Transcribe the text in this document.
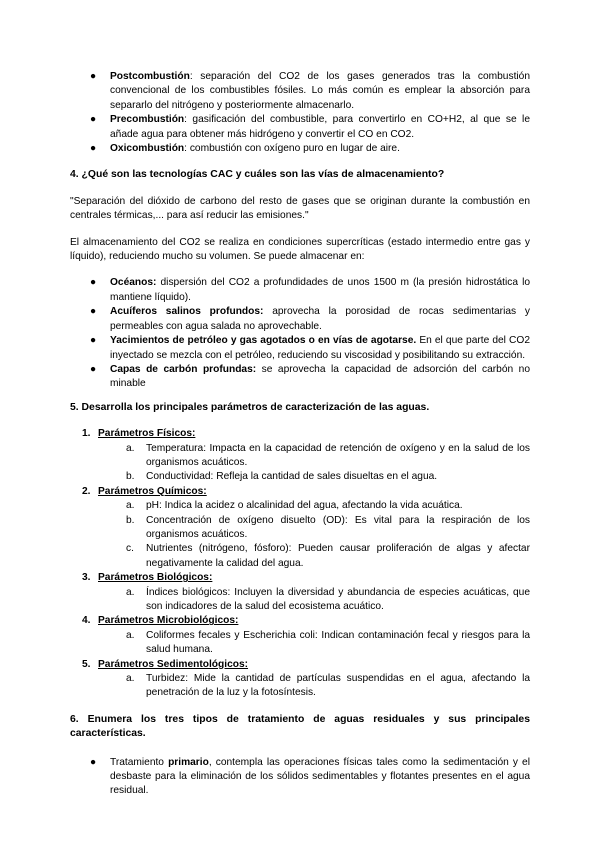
● Postcombustión: separación del CO2 de los gases generados tras la combustión convencional de los combustibles fósiles. Lo más común es emplear la absorción para separarlo del nitrógeno y posteriormente almacenarlo.
● Precombustión: gasificación del combustible, para convertirlo en CO+H2, al que se le añade agua para obtener más hidrógeno y convertir el CO en CO2.
● Oxicombustión: combustión con oxígeno puro en lugar de aire.

4. ¿Qué son las tecnologías CAC y cuáles son las vías de almacenamiento?

"Separación del dióxido de carbono del resto de gases que se originan durante la combustión en centrales térmicas,... para así reducir las emisiones."

El almacenamiento del CO2 se realiza en condiciones supercríticas (estado intermedio entre gas y líquido), reduciendo mucho su volumen. Se puede almacenar en:

● Océanos: dispersión del CO2 a profundidades de unos 1500 m (la presión hidrostática lo mantiene líquido).
● Acuíferos salinos profundos: aprovecha la porosidad de rocas sedimentarias y permeables con agua salada no aprovechable.
● Yacimientos de petróleo y gas agotados o en vías de agotarse. En el que parte del CO2 inyectado se mezcla con el petróleo, reduciendo su viscosidad y posibilitando su extracción.
● Capas de carbón profundas: se aprovecha la capacidad de adsorción del carbón no minable

5. Desarrolla los principales parámetros de caracterización de las aguas.

1. Parámetros Físicos:
a. Temperatura: Impacta en la capacidad de retención de oxígeno y en la salud de los organismos acuáticos.
b. Conductividad: Refleja la cantidad de sales disueltas en el agua.
2. Parámetros Químicos:
a. pH: Indica la acidez o alcalinidad del agua, afectando la vida acuática.
b. Concentración de oxígeno disuelto (OD): Es vital para la respiración de los organismos acuáticos.
c. Nutrientes (nitrógeno, fósforo): Pueden causar proliferación de algas y afectar negativamente la calidad del agua.
3. Parámetros Biológicos:
a. Índices biológicos: Incluyen la diversidad y abundancia de especies acuáticas, que son indicadores de la salud del ecosistema acuático.
4. Parámetros Microbiológicos:
a. Coliformes fecales y Escherichia coli: Indican contaminación fecal y riesgos para la salud humana.
5. Parámetros Sedimentológicos:
a. Turbidez: Mide la cantidad de partículas suspendidas en el agua, afectando la penetración de la luz y la fotosíntesis.

6. Enumera los tres tipos de tratamiento de aguas residuales y sus principales características.

● Tratamiento primario, contempla las operaciones físicas tales como la sedimentación y el desbaste para la eliminación de los sólidos sedimentables y flotantes presentes en el agua residual.
